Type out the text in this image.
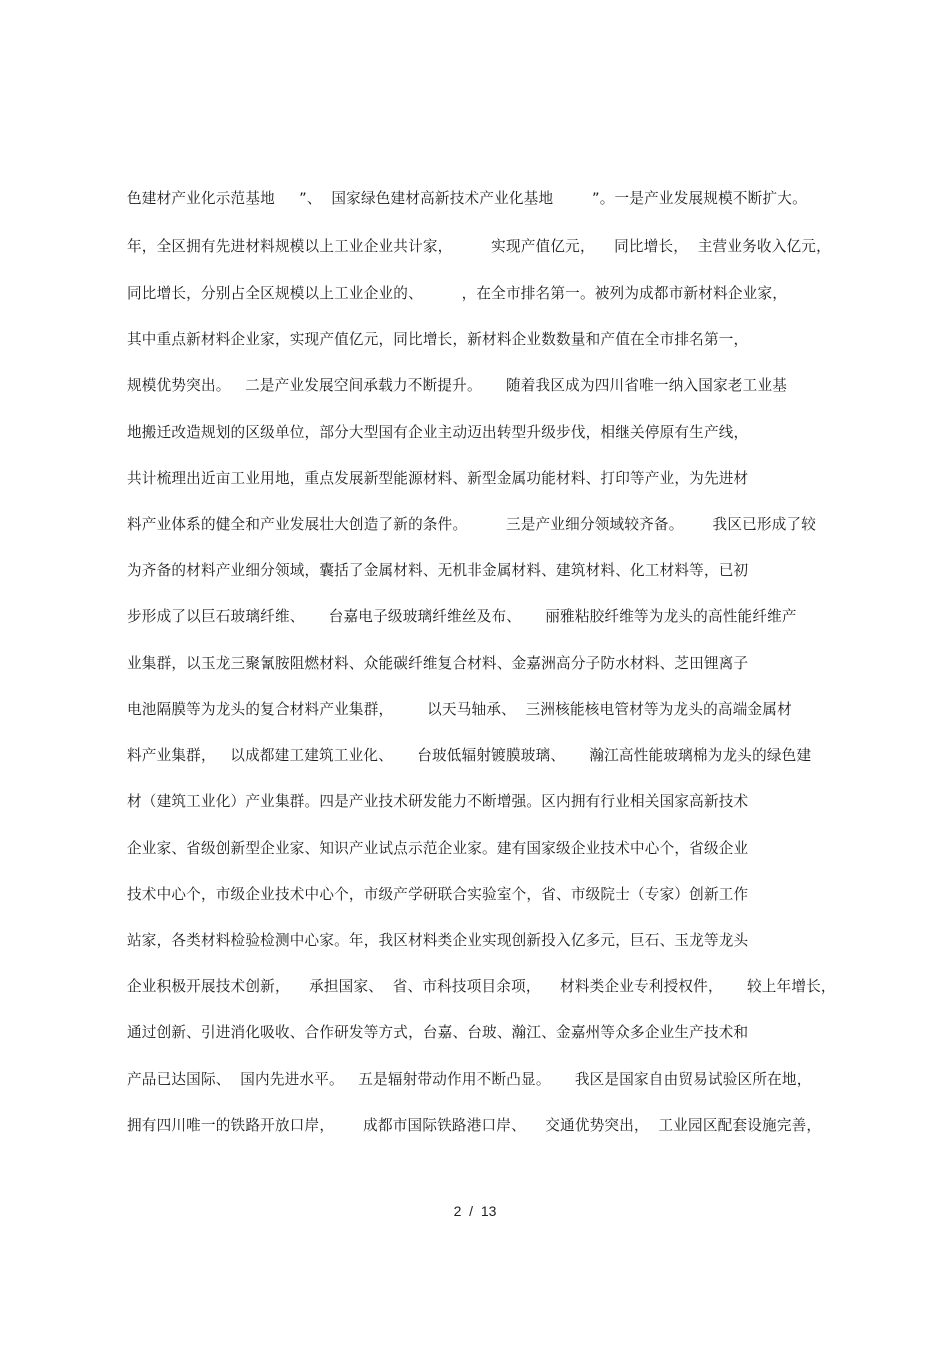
色建材产业化示范基地     ”、  国家绿色建材高新技术产业化基地        ”。一是产业发展规模不断扩大。
年，全区拥有先进材料规模以上工业企业共计家，        实现产值亿元，    同比增长，  主营业务收入亿元，
同比增长，分别占全区规模以上工业企业的、        ，在全市排名第一。被列为成都市新材料企业家，
其中重点新材料企业家，实现产值亿元，同比增长，新材料企业数数量和产值在全市排名第一，
规模优势突出。   二是产业发展空间承载力不断提升。     随着我区成为四川省唯一纳入国家老工业基
地搬迁改造规划的区级单位，部分大型国有企业主动迈出转型升级步伐，相继关停原有生产线，
共计梳理出近亩工业用地，重点发展新型能源材料、新型金属功能材料、打印等产业，为先进材
料产业体系的健全和产业发展壮大创造了新的条件。        三是产业细分领域较齐备。      我区已形成了较
为齐备的材料产业细分领域，囊括了金属材料、无机非金属材料、建筑材料、化工材料等，已初
步形成了以巨石玻璃纤维、     台嘉电子级玻璃纤维丝及布、     丽雅粘胶纤维等为龙头的高性能纤维产
业集群，以玉龙三聚氰胺阻燃材料、众能碳纤维复合材料、金嘉洲高分子防水材料、芝田锂离子
电池隔膜等为龙头的复合材料产业集群，       以天马轴承、  三洲核能核电管材等为龙头的高端金属材
料产业集群，   以成都建工建筑工业化、     台玻低辐射镀膜玻璃、     瀚江高性能玻璃棉为龙头的绿色建
材（建筑工业化）产业集群。四是产业技术研发能力不断增强。区内拥有行业相关国家高新技术
企业家、省级创新型企业家、知识产业试点示范企业家。建有国家级企业技术中心个，省级企业
技术中心个，市级企业技术中心个，市级产学研联合实验室个，省、市级院士（专家）创新工作
站家，各类材料检验检测中心家。年，我区材料类企业实现创新投入亿多元，巨石、玉龙等龙头
企业积极开展技术创新，    承担国家、  省、市科技项目余项，    材料类企业专利授权件，     较上年增长，
通过创新、引进消化吸收、合作研发等方式，台嘉、台玻、瀚江、金嘉州等众多企业生产技术和
产品已达国际、  国内先进水平。   五是辐射带动作用不断凸显。     我区是国家自由贸易试验区所在地，
拥有四川唯一的铁路开放口岸，      成都市国际铁路港口岸、    交通优势突出，  工业园区配套设施完善，
2  /  13
